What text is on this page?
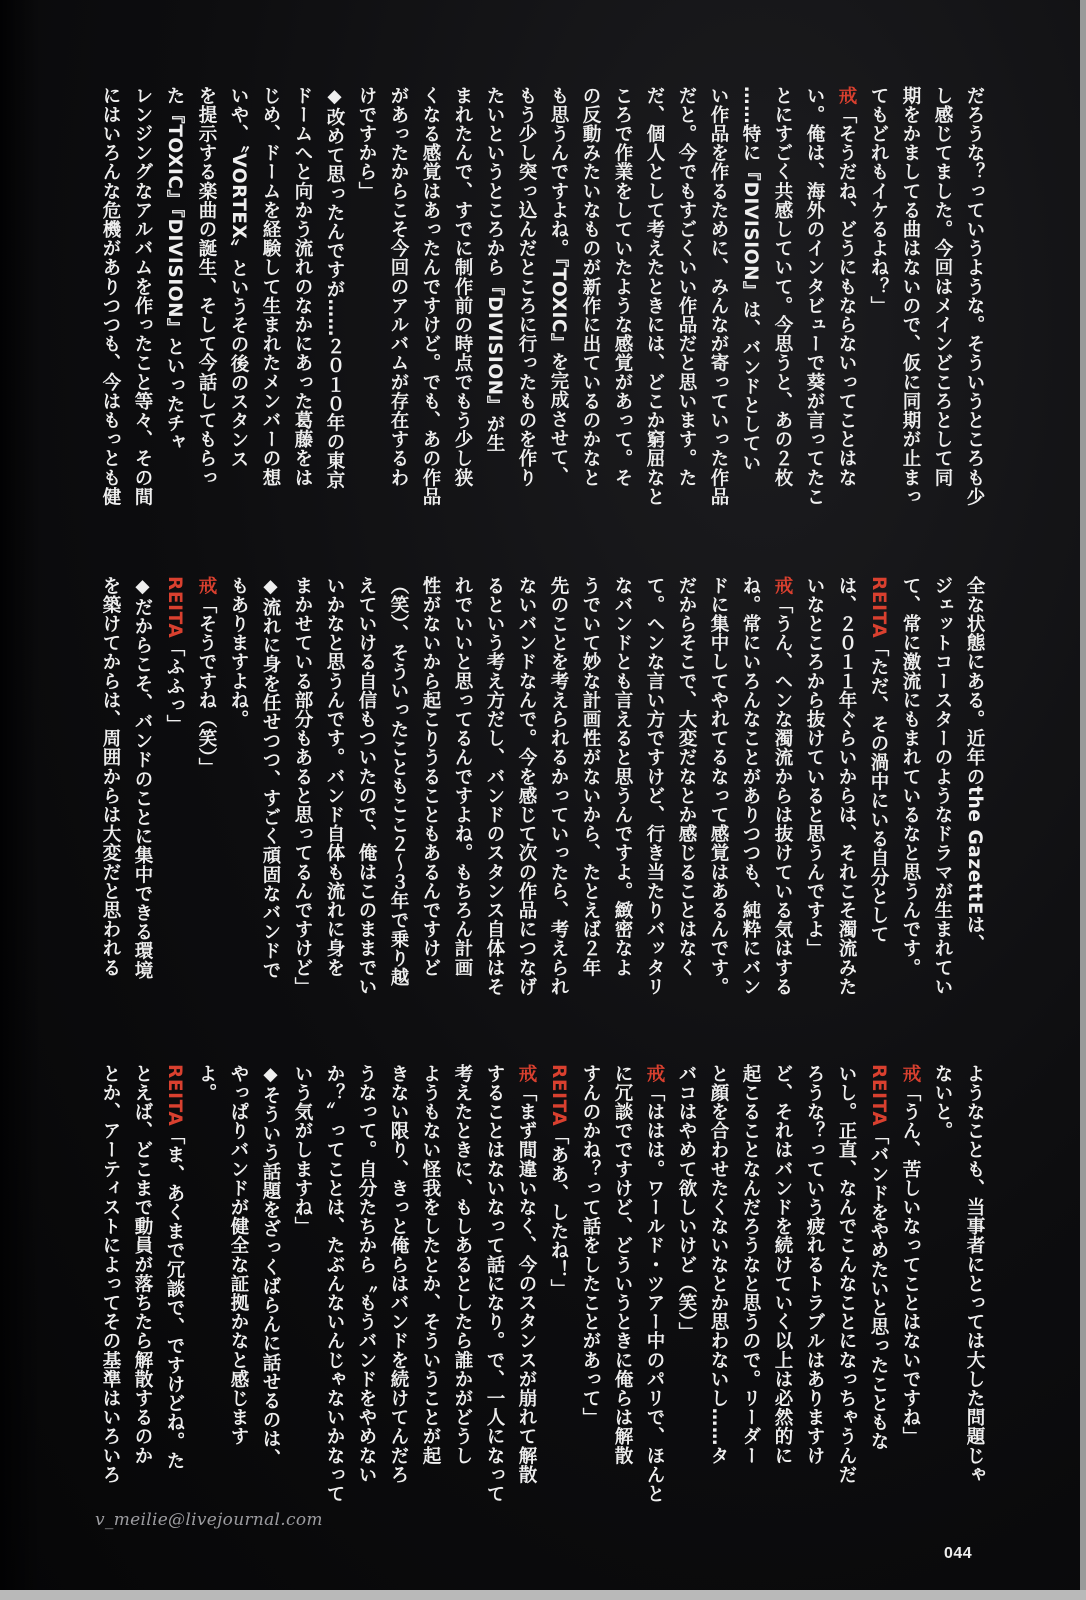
だろうな？っていうような。そういうところも少
し感じてました。今回はメインどころとして同
期をかましてる曲はないので、仮に同期が止まっ
てもどれもイケるよね？」
戒「そうだね、どうにもならないってことはな
い。俺は、海外のインタビューで葵が言ってたこ
とにすごく共感していて。今思うと、あの２枚
……特に『DIVISION』は、バンドとしてい
い作品を作るために、みんなが寄っていった作品
だと。今でもすごくいい作品だと思います。た
だ、個人として考えたときには、どこか窮屈なと
ころで作業をしていたような感覚があって。そ
の反動みたいなものが新作に出ているのかなと
も思うんですよね。『TOXIC』を完成させて、
もう少し突っ込んだところに行ったものを作り
たいというところから『DIVISION』が生
まれたんで、すでに制作前の時点でもう少し狭
くなる感覚はあったんですけど。でも、あの作品
があったからこそ今回のアルバムが存在するわ
けですから」
◆改めて思ったんですが……２０１０年の東京
ドームへと向かう流れのなかにあった葛藤をは
じめ、ドームを経験して生まれたメンバーの想
いや、〝VORTEX〟というその後のスタンス
を提示する楽曲の誕生、そして今話してもらっ
た『TOXIC』『DIVISION』といったチャ
レンジングなアルバムを作ったこと等々、その間
にはいろんな危機がありつつも、今はもっとも健
全な状態にある。近年のthe GazettEは、
ジェットコースターのようなドラマが生まれてい
て、常に激流にもまれているなと思うんです。
REITA「ただ、その渦中にいる自分として
は、２０１１年ぐらいからは、それこそ濁流みた
いなところから抜けていると思うんですよ」
戒「うん、ヘンな濁流からは抜けている気はする
ね。常にいろんなことがありつつも、純粋にバン
ドに集中してやれてるなって感覚はあるんです。
だからそこで、大変だなとか感じることはなく
て。ヘンな言い方ですけど、行き当たりバッタリ
なバンドとも言えると思うんですよ。緻密なよ
うでいて妙な計画性がないから、たとえば２年
先のことを考えられるかっていったら、考えられ
ないバンドなんで。今を感じて次の作品につなげ
るという考え方だし、バンドのスタンス自体はそ
れでいいと思ってるんですよね。もちろん計画
性がないから起こりうることもあるんですけど
（笑）、そういったこともここ２〜３年で乗り越
えていける自信もついたので、俺はこのままでい
いかなと思うんです。バンド自体も流れに身を
まかせている部分もあると思ってるんですけど」
◆流れに身を任せつつ、すごく頑固なバンドで
もありますよね。
戒「そうですね（笑）」
REITA「ふふっ」
◆だからこそ、バンドのことに集中できる環境
を築けてからは、周囲からは大変だと思われる
ようなことも、当事者にとっては大した問題じゃ
ないと。
戒「うん、苦しいなってことはないですね」
REITA「バンドをやめたいと思ったこともな
いし。正直、なんでこんなことになっちゃうんだ
ろうな？っていう疲れるトラブルはありますけ
ど、それはバンドを続けていく以上は必然的に
起こることなんだろうなと思うので。リーダー
と顔を合わせたくないなとか思わないし……タ
バコはやめて欲しいけど（笑）」
戒「ははは。ワールド・ツアー中のパリで、ほんと
に冗談でですけど、どういうときに俺らは解散
すんのかね？って話をしたことがあって」
REITA「ああ、したね！」
戒「まず間違いなく、今のスタンスが崩れて解散
することはないなって話になり。で、一人になって
考えたときに、もしあるとしたら誰かがどうし
ようもない怪我をしたとか、そういうことが起
きない限り、きっと俺らはバンドを続けてんだろ
うなって。自分たちから〝もうバンドをやめない
か？〟ってことは、たぶんないんじゃないかなって
いう気がしますね」
◆そういう話題をざっくばらんに話せるのは、
やっぱりバンドが健全な証拠かなと感じます
よ。
REITA「ま、あくまで冗談で、ですけどね。た
とえば、どこまで動員が落ちたら解散するのか
とか、アーティストによってその基準はいろいろ
v_meilie@livejournal.com
044
